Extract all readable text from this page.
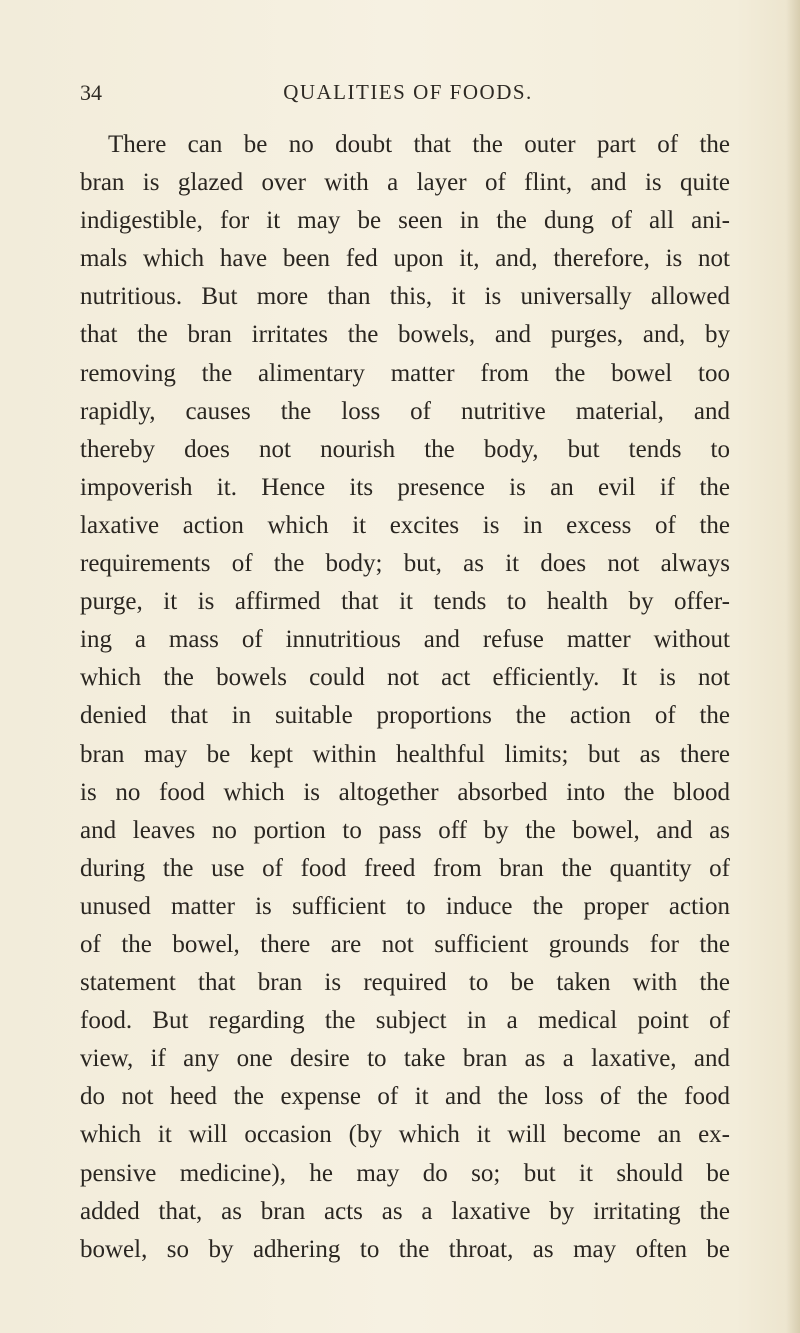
34	QUALITIES OF FOODS.
There can be no doubt that the outer part of the
bran is glazed over with a layer of flint, and is quite
indigestible, for it may be seen in the dung of all ani-
mals which have been fed upon it, and, therefore, is not
nutritious. But more than this, it is universally allowed
that the bran irritates the bowels, and purges, and, by
removing the alimentary matter from the bowel too
rapidly, causes the loss of nutritive material, and
thereby does not nourish the body, but tends to
impoverish it. Hence its presence is an evil if the
laxative action which it excites is in excess of the
requirements of the body; but, as it does not always
purge, it is affirmed that it tends to health by offer-
ing a mass of innutritious and refuse matter without
which the bowels could not act efficiently. It is not
denied that in suitable proportions the action of the
bran may be kept within healthful limits; but as there
is no food which is altogether absorbed into the blood
and leaves no portion to pass off by the bowel, and as
during the use of food freed from bran the quantity of
unused matter is sufficient to induce the proper action
of the bowel, there are not sufficient grounds for the
statement that bran is required to be taken with the
food. But regarding the subject in a medical point of
view, if any one desire to take bran as a laxative, and
do not heed the expense of it and the loss of the food
which it will occasion (by which it will become an ex-
pensive medicine), he may do so; but it should be
added that, as bran acts as a laxative by irritating the
bowel, so by adhering to the throat, as may often be
